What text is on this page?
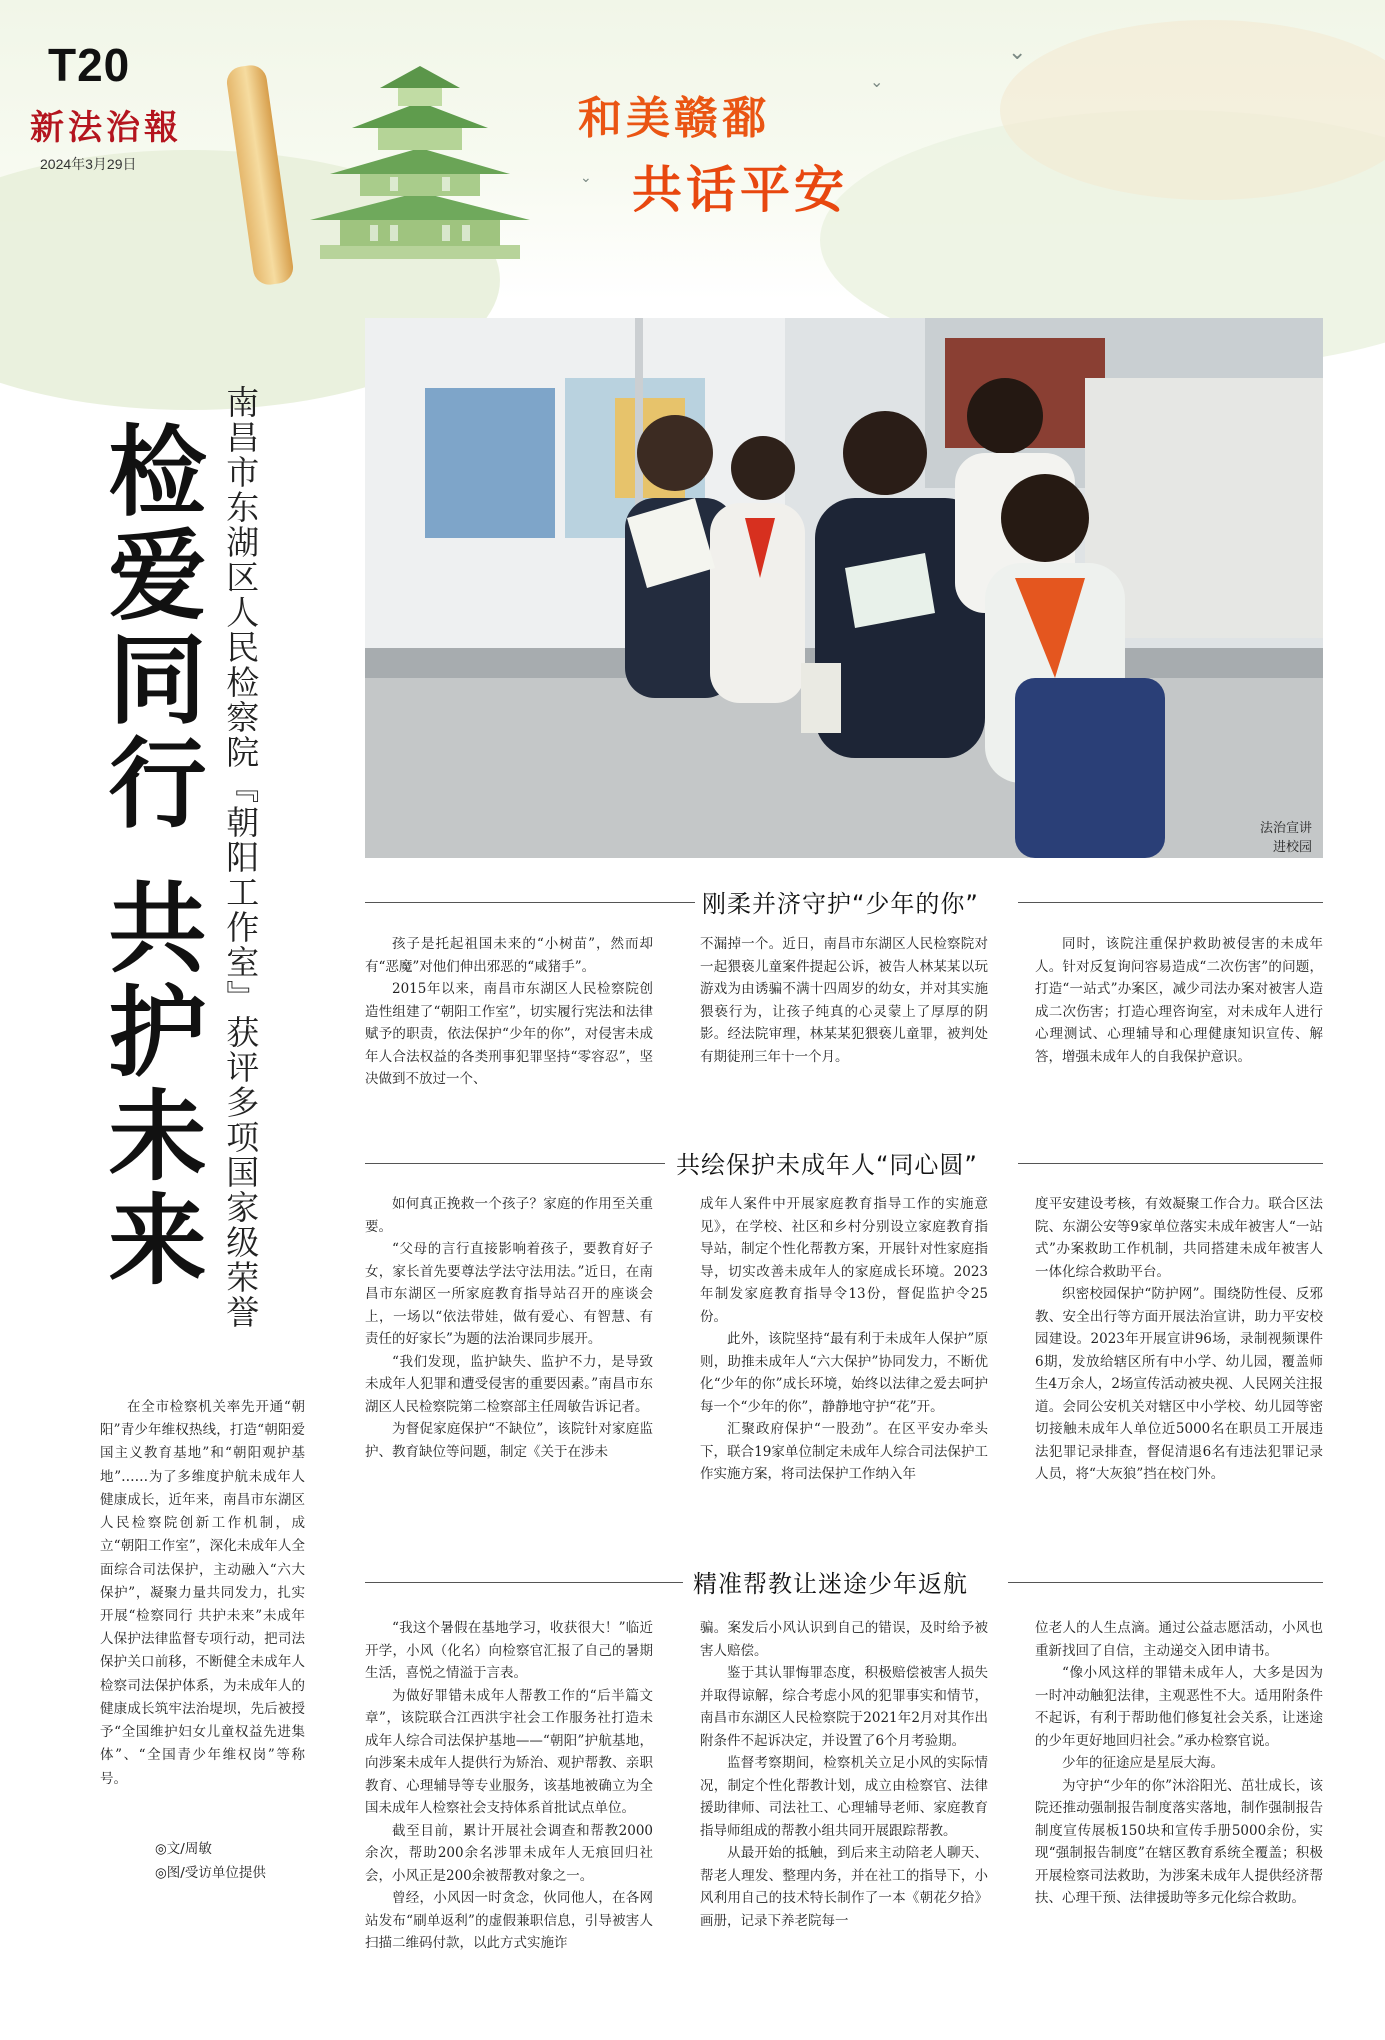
T20
新法治報
2024年3月29日
和美赣鄱
共话平安
⌄
⌄
⌄
检爱同行 共护未来 南昌市东湖区人民检察院『朝阳工作室』获评多项国家级荣誉	法治宣讲
进校园

在全市检察机关率先开通“朝阳”青少年维权热线，打造“朝阳爱国主义教育基地”和“朝阳观护基地”……为了多维度护航未成年人健康成长，近年来，南昌市东湖区人民检察院创新工作机制，成立“朝阳工作室”，深化未成年人全面综合司法保护，主动融入“六大保护”，凝聚力量共同发力，扎实开展“检察同行 共护未来”未成年人保护法律监督专项行动，把司法保护关口前移，不断健全未成年人检察司法保护体系，为未成年人的健康成长筑牢法治堤坝，先后被授予“全国维护妇女儿童权益先进集体”、“全国青少年维权岗”等称号。

◎文/周敏
◎图/受访单位提供
刚柔并济守护“少年的你”

孩子是托起祖国未来的“小树苗”，然而却有“恶魔”对他们伸出邪恶的“咸猪手”。

2015年以来，南昌市东湖区人民检察院创造性组建了“朝阳工作室”，切实履行宪法和法律赋予的职责，依法保护“少年的你”，对侵害未成年人合法权益的各类刑事犯罪坚持“零容忍”，坚决做到不放过一个、

不漏掉一个。近日，南昌市东湖区人民检察院对一起猥亵儿童案件提起公诉，被告人林某某以玩游戏为由诱骗不满十四周岁的幼女，并对其实施猥亵行为，让孩子纯真的心灵蒙上了厚厚的阴影。经法院审理，林某某犯猥亵儿童罪，被判处有期徒刑三年十一个月。

同时，该院注重保护救助被侵害的未成年人。针对反复询问容易造成“二次伤害”的问题，打造“一站式”办案区，减少司法办案对被害人造成二次伤害；打造心理咨询室，对未成年人进行心理测试、心理辅导和心理健康知识宣传、解答，增强未成年人的自我保护意识。

共绘保护未成年人“同心圆”

如何真正挽救一个孩子？家庭的作用至关重要。

“父母的言行直接影响着孩子，要教育好子女，家长首先要尊法学法守法用法。”近日，在南昌市东湖区一所家庭教育指导站召开的座谈会上，一场以“依法带娃，做有爱心、有智慧、有责任的好家长”为题的法治课同步展开。

“我们发现，监护缺失、监护不力，是导致未成年人犯罪和遭受侵害的重要因素。”南昌市东湖区人民检察院第二检察部主任周敏告诉记者。

为督促家庭保护“不缺位”，该院针对家庭监护、教育缺位等问题，制定《关于在涉未

成年人案件中开展家庭教育指导工作的实施意见》，在学校、社区和乡村分别设立家庭教育指导站，制定个性化帮教方案，开展针对性家庭指导，切实改善未成年人的家庭成长环境。2023年制发家庭教育指导令13份，督促监护令25份。

此外，该院坚持“最有利于未成年人保护”原则，助推未成年人“六大保护”协同发力，不断优化“少年的你”成长环境，始终以法律之爱去呵护每一个“少年的你”，静静地守护“花”开。

汇聚政府保护“一股劲”。在区平安办牵头下，联合19家单位制定未成年人综合司法保护工作实施方案，将司法保护工作纳入年

度平安建设考核，有效凝聚工作合力。联合区法院、东湖公安等9家单位落实未成年被害人“一站式”办案救助工作机制，共同搭建未成年被害人一体化综合救助平台。

织密校园保护“防护网”。围绕防性侵、反邪教、安全出行等方面开展法治宣讲，助力平安校园建设。2023年开展宣讲96场，录制视频课件6期，发放给辖区所有中小学、幼儿园，覆盖师生4万余人，2场宣传活动被央视、人民网关注报道。会同公安机关对辖区中小学校、幼儿园等密切接触未成年人单位近5000名在职员工开展违法犯罪记录排查，督促清退6名有违法犯罪记录人员，将“大灰狼”挡在校门外。

精准帮教让迷途少年返航

“我这个暑假在基地学习，收获很大！”临近开学，小风（化名）向检察官汇报了自己的暑期生活，喜悦之情溢于言表。

为做好罪错未成年人帮教工作的“后半篇文章”，该院联合江西洪宇社会工作服务社打造未成年人综合司法保护基地——“朝阳”护航基地，向涉案未成年人提供行为矫治、观护帮教、亲职教育、心理辅导等专业服务，该基地被确立为全国未成年人检察社会支持体系首批试点单位。

截至目前，累计开展社会调查和帮教2000余次，帮助200余名涉罪未成年人无痕回归社会，小风正是200余被帮教对象之一。

曾经，小风因一时贪念，伙同他人，在各网站发布“刷单返利”的虚假兼职信息，引导被害人扫描二维码付款，以此方式实施诈

骗。案发后小风认识到自己的错误，及时给予被害人赔偿。

鉴于其认罪悔罪态度，积极赔偿被害人损失并取得谅解，综合考虑小风的犯罪事实和情节，南昌市东湖区人民检察院于2021年2月对其作出附条件不起诉决定，并设置了6个月考验期。

监督考察期间，检察机关立足小风的实际情况，制定个性化帮教计划，成立由检察官、法律援助律师、司法社工、心理辅导老师、家庭教育指导师组成的帮教小组共同开展跟踪帮教。

从最开始的抵触，到后来主动陪老人聊天、帮老人理发、整理内务，并在社工的指导下，小风利用自己的技术特长制作了一本《朝花夕拾》画册，记录下养老院每一

位老人的人生点滴。通过公益志愿活动，小风也重新找回了自信，主动递交入团申请书。

“像小风这样的罪错未成年人，大多是因为一时冲动触犯法律，主观恶性不大。适用附条件不起诉，有利于帮助他们修复社会关系，让迷途的少年更好地回归社会。”承办检察官说。

少年的征途应是星辰大海。

为守护“少年的你”沐浴阳光、茁壮成长，该院还推动强制报告制度落实落地，制作强制报告制度宣传展板150块和宣传手册5000余份，实现“强制报告制度”在辖区教育系统全覆盖；积极开展检察司法救助，为涉案未成年人提供经济帮扶、心理干预、法律援助等多元化综合救助。
